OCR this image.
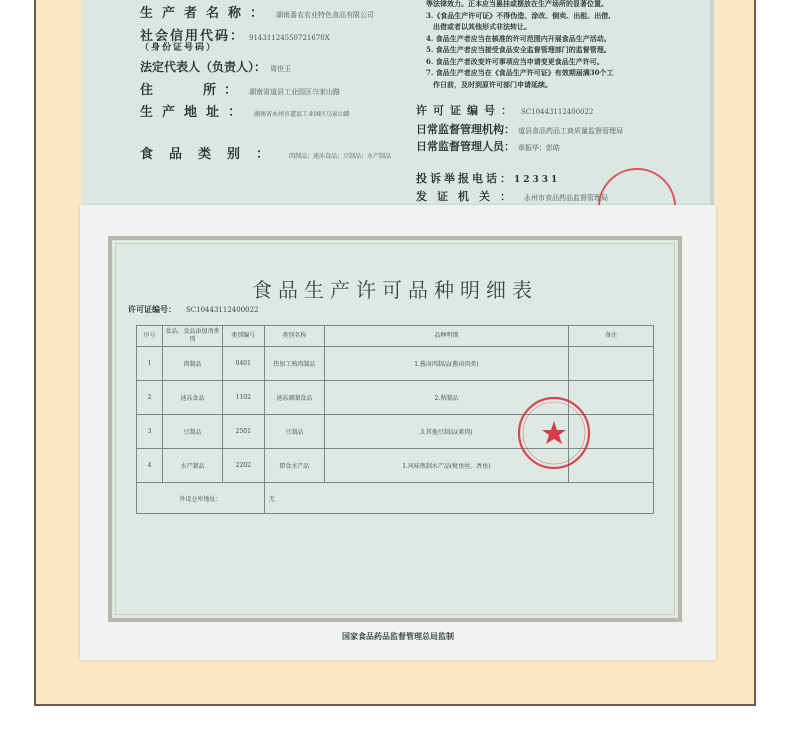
生产者名称： 湖南番农农业特色食品有限公司
社会信用代码： 91431124550721670X
（身份证号码）
法定代表人（负责人）： 周世玉
住　　所： 湖南省道县工业园区乌家山路
生产地址： 湖南省永州市道县工业园区乌家山路
食品类别： 肉制品；速冻食品；豆制品；水产制品
等法律效力。正本应当悬挂或摆放在生产场所的显著位置。
3.《食品生产许可证》不得伪造、涂改、倒卖、出租、出借,
　出借或者以其他形式非法转让。
4. 食品生产者应当在核准的许可范围内开展食品生产活动。
5. 食品生产者应当接受食品安全监督管理部门的监督管理。
6. 食品生产者改变许可事项应当申请变更食品生产许可。
7. 食品生产者应当在《食品生产许可证》有效期届满30个工
　作日前，及时到原许可部门申请延续。
许可证编号： SC10443112400022
日常监督管理机构： 道县食品药品工商质量监督管理局
日常监督管理人员： 章振华；彭皓
投诉举报电话：12331
发证机关： 永州市食品药品监督管理局
食品生产许可品种明细表
许可证编号： SC10443112400022
序号	食品、食品添加剂类别	类别编号	类别名称	品种明细	备注
1	肉制品	0401	热加工熟肉制品	1.酱卤肉制品(酱卤肉类)	
2	速冻食品	1102	速冻调制食品	2.熟制品	
3	豆制品	2501	豆制品	3.其他豆制品(素肉)	
4	水产制品	2202	即食水产品	1.风味熟制水产品(鱿鱼丝、香鱼)	
外设仓库地址：			无		
国家食品药品监督管理总局监制
